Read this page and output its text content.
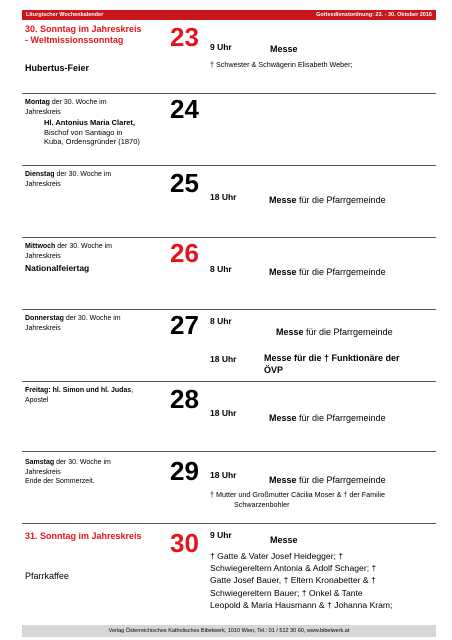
Liturgischer Wochenkalender	Gottesdienstordnung: 23. - 30. Oktober 2016
30. Sonntag im Jahreskreis
- Weltmissionssonntag
Hubertus-Feier
23 9 Uhr	Messe
† Schwester & Schwägerin Elisabeth Weber;
Montag der 30. Woche im
Jahreskreis
Hl. Antonius Maria Claret,
Bischof von Santiago in
Kuba, Ordensgründer (1870)
24
Dienstag der 30. Woche im
Jahreskreis	25 18 Uhr	Messe für die Pfarrgemeinde
Mittwoch der 30. Woche im
Jahreskreis
Nationalfeiertag	26
8 Uhr	Messe für die Pfarrgemeinde
Donnerstag der 30. Woche im
Jahreskreis	27 8 Uhr
Messe für die Pfarrgemeinde
18 Uhr	Messe für die † Funktionäre der
ÖVP
Freitag: hl. Simon und hl. Judas,
Apostel	28 18 Uhr	Messe für die Pfarrgemeinde
Samstag der 30. Woche im
Jahreskreis
Ende der Sommerzeit.	29 18 Uhr	Messe für die Pfarrgemeinde
† Mutter und Großmutter Cäcilia Moser & † der Familie
Schwarzenbohler
31. Sonntag im Jahreskreis
Pfarrkaffee
30 9 Uhr	Messe
† Gatte & Vater Josef Heidegger; †
Schwiegereltern Antonia & Adolf Schager; †
Gatte Josef Bauer, † Eltern Kronabetter & †
Schwiegereltern Bauer; † Onkel & Tante
Leopold & Maria Hausmann & † Johanna Kram;
Verlag Österreichisches Katholisches Bibelwerk, 1010 Wien, Tel.: 01 / 512 30 60, www.bibelwerk.at
